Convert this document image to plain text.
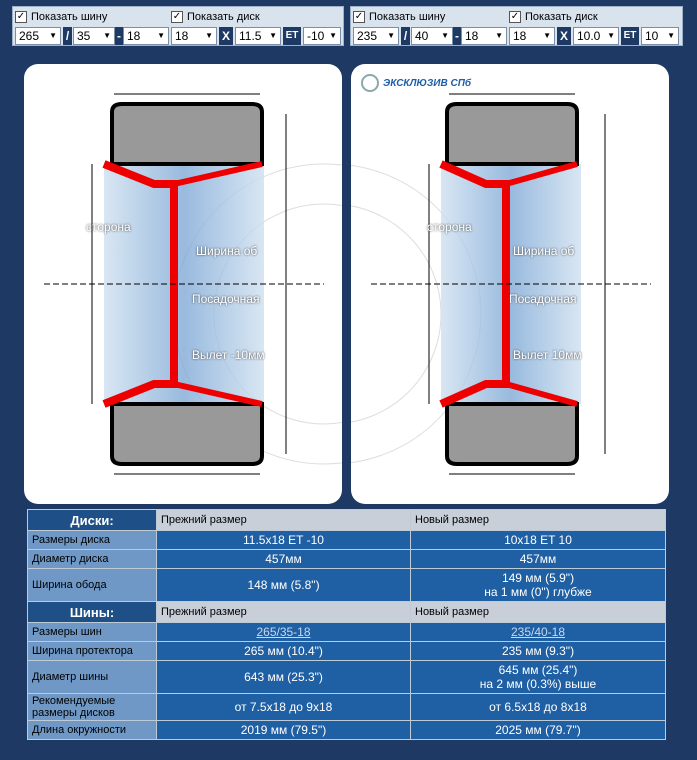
✓ Показать шину	✓ Показать диск
265 ▼ / 35 ▼ - 18 ▼ 18 ▼ X 11.5 ▼ ET -10 ▼
✓ Показать шину	✓ Показать диск
235 ▼ / 40 ▼ - 18 ▼ 18 ▼ X 10.0 ▼ ET 10 ▼
сторона
Ширина об
Посадочная
Вылет -10мм
ЭКСКЛЮЗИВ СПб
сторона
Ширина об
Посадочная
Вылет 10мм
Диски:	Прежний размер	Новый размер
Размеры диска	11.5x18 ET -10	10x18 ET 10
Диаметр диска	457мм	457мм
Ширина обода	148 мм (5.8")	149 мм (5.9")
на 1 мм (0") глубже
Шины:	Прежний размер	Новый размер
Размеры шин	265/35-18	235/40-18
Ширина протектора	265 мм (10.4")	235 мм (9.3")
Диаметр шины	643 мм (25.3")	645 мм (25.4")
на 2 мм (0.3%) выше
Рекомендуемые размеры дисков	от 7.5x18 до 9x18	от 6.5x18 до 8x18
Длина окружности	2019 мм (79.5")	2025 мм (79.7")
